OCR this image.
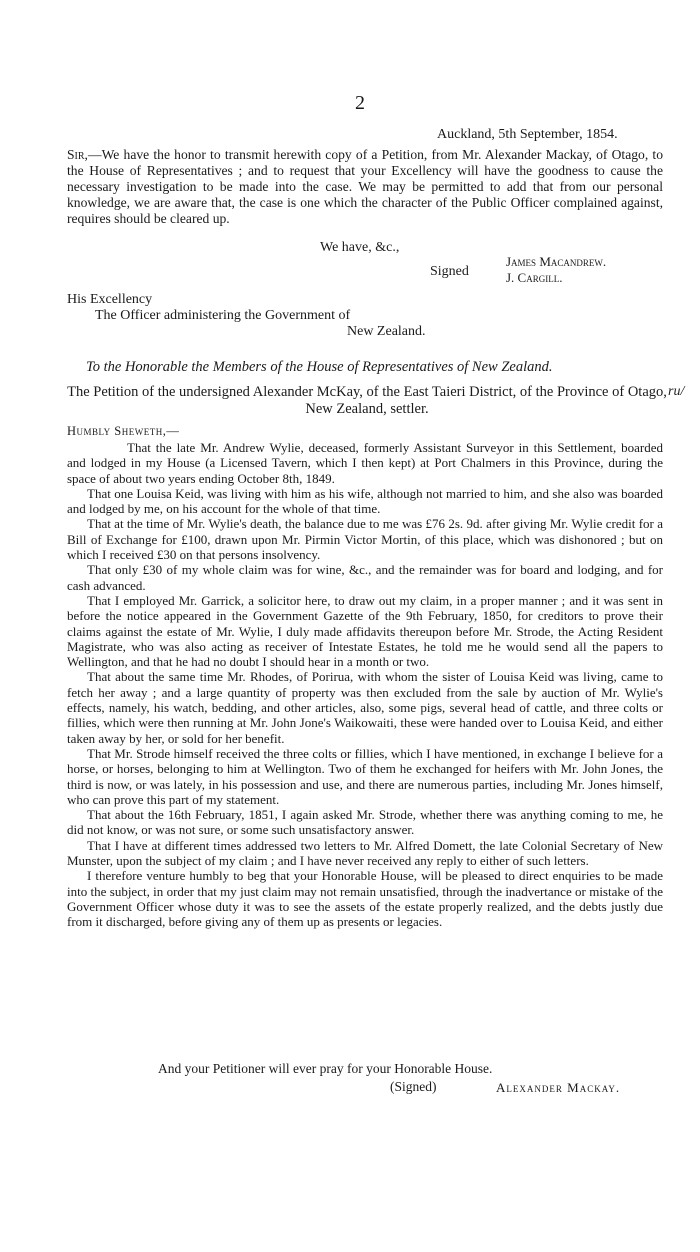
2
Auckland, 5th September, 1854.

Sir,—We have the honor to transmit herewith copy of a Petition, from Mr. Alexander Mackay, of Otago, to the House of Representatives ; and to request that your Excellency will have the goodness to cause the necessary investigation to be made into the case. We may be permitted to add that from our personal knowledge, we are aware that, the case is one which the character of the Public Officer complained against, requires should be cleared up.

We have, &c.,
Signed
James Macandrew.
J. Cargill.
His Excellency
The Officer administering the Government of
New Zealand.
To the Honorable the Members of the House of Representatives of New Zealand.

The Petition of the undersigned Alexander McKay, of the East Taieri District, of the Province of Otago, New Zealand, settler.

ru/
Humbly Sheweth,—

That the late Mr. Andrew Wylie, deceased, formerly Assistant Surveyor in this Settlement, boarded and lodged in my House (a Licensed Tavern, which I then kept) at Port Chalmers in this Province, during the space of about two years ending October 8th, 1849.

That one Louisa Keid, was living with him as his wife, although not married to him, and she also was boarded and lodged by me, on his account for the whole of that time.

That at the time of Mr. Wylie's death, the balance due to me was £76 2s. 9d. after giving Mr. Wylie credit for a Bill of Exchange for £100, drawn upon Mr. Pirmin Victor Mortin, of this place, which was dishonored ; but on which I received £30 on that persons insolvency.

That only £30 of my whole claim was for wine, &c., and the remainder was for board and lodging, and for cash advanced.

That I employed Mr. Garrick, a solicitor here, to draw out my claim, in a proper manner ; and it was sent in before the notice appeared in the Government Gazette of the 9th February, 1850, for creditors to prove their claims against the estate of Mr. Wylie, I duly made affidavits thereupon before Mr. Strode, the Acting Resident Magistrate, who was also acting as receiver of Intestate Estates, he told me he would send all the papers to Wellington, and that he had no doubt I should hear in a month or two.

That about the same time Mr. Rhodes, of Porirua, with whom the sister of Louisa Keid was living, came to fetch her away ; and a large quantity of property was then excluded from the sale by auction of Mr. Wylie's effects, namely, his watch, bedding, and other articles, also, some pigs, several head of cattle, and three colts or fillies, which were then running at Mr. John Jone's Waikowaiti, these were handed over to Louisa Keid, and either taken away by her, or sold for her benefit.

That Mr. Strode himself received the three colts or fillies, which I have mentioned, in exchange I believe for a horse, or horses, belonging to him at Wellington. Two of them he exchanged for heifers with Mr. John Jones, the third is now, or was lately, in his possession and use, and there are numerous parties, including Mr. Jones himself, who can prove this part of my statement.

That about the 16th February, 1851, I again asked Mr. Strode, whether there was anything coming to me, he did not know, or was not sure, or some such unsatisfactory answer.

That I have at different times addressed two letters to Mr. Alfred Domett, the late Colonial Secretary of New Munster, upon the subject of my claim ; and I have never received any reply to either of such letters.

I therefore venture humbly to beg that your Honorable House, will be pleased to direct enquiries to be made into the subject, in order that my just claim may not remain unsatisfied, through the inadvertance or mistake of the Government Officer whose duty it was to see the assets of the estate properly realized, and the debts justly due from it discharged, before giving any of them up as presents or legacies.

And your Petitioner will ever pray for your Honorable House.
(Signed)	Alexander Mackay.
